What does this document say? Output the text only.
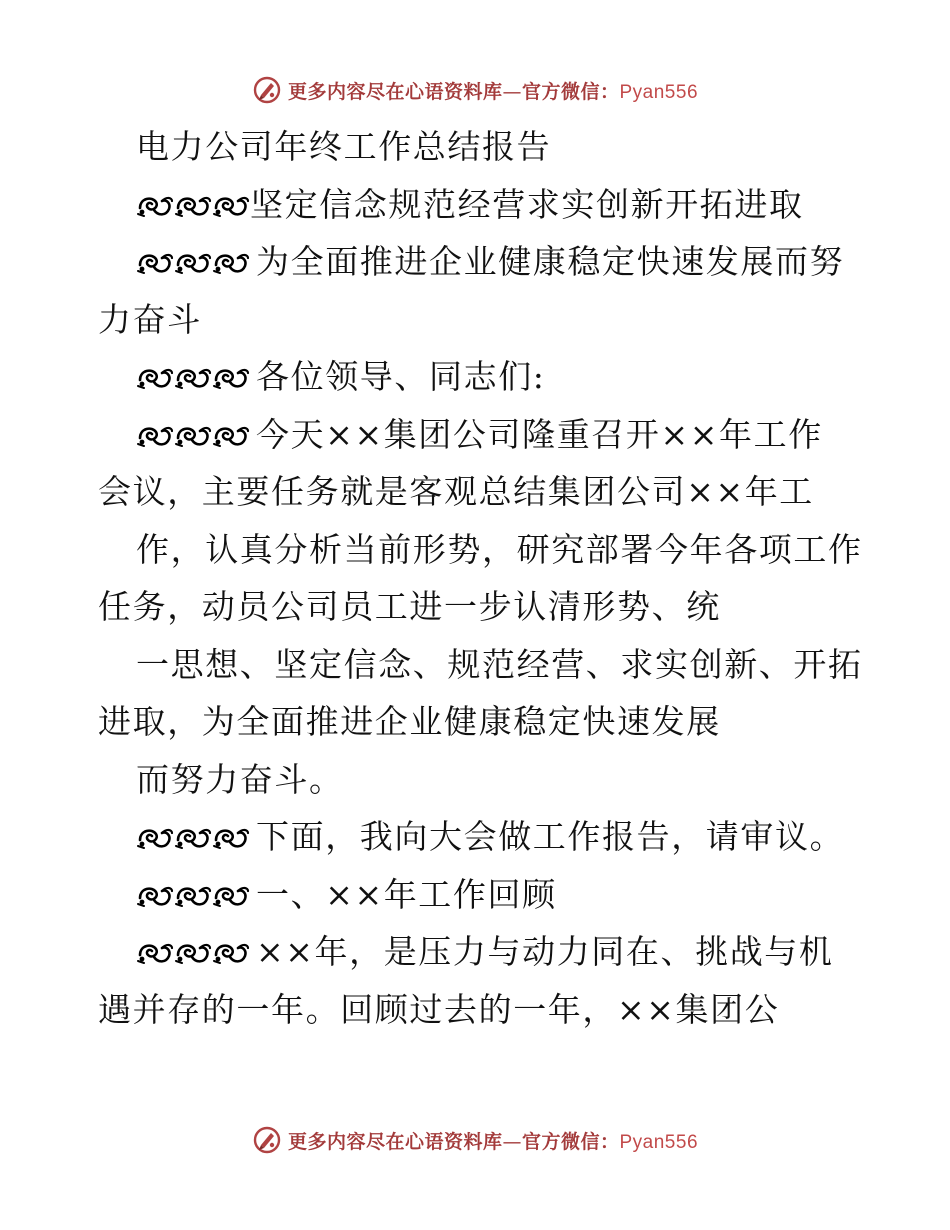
更多内容尽在心语资料库—官方微信：Pyan556
电力公司年终工作总结报告
坚定信念规范经营求实创新开拓进取
为全面推进企业健康稳定快速发展而努
力奋斗
各位领导、同志们:
今天××集团公司隆重召开××年工作
会议，主要任务就是客观总结集团公司××年工
作，认真分析当前形势，研究部署今年各项工作
任务，动员公司员工进一步认清形势、统
一思想、坚定信念、规范经营、求实创新、开拓
进取，为全面推进企业健康稳定快速发展
而努力奋斗。
下面，我向大会做工作报告，请审议。
一、××年工作回顾
××年，是压力与动力同在、挑战与机
遇并存的一年。回顾过去的一年，××集团公
更多内容尽在心语资料库—官方微信：Pyan556
